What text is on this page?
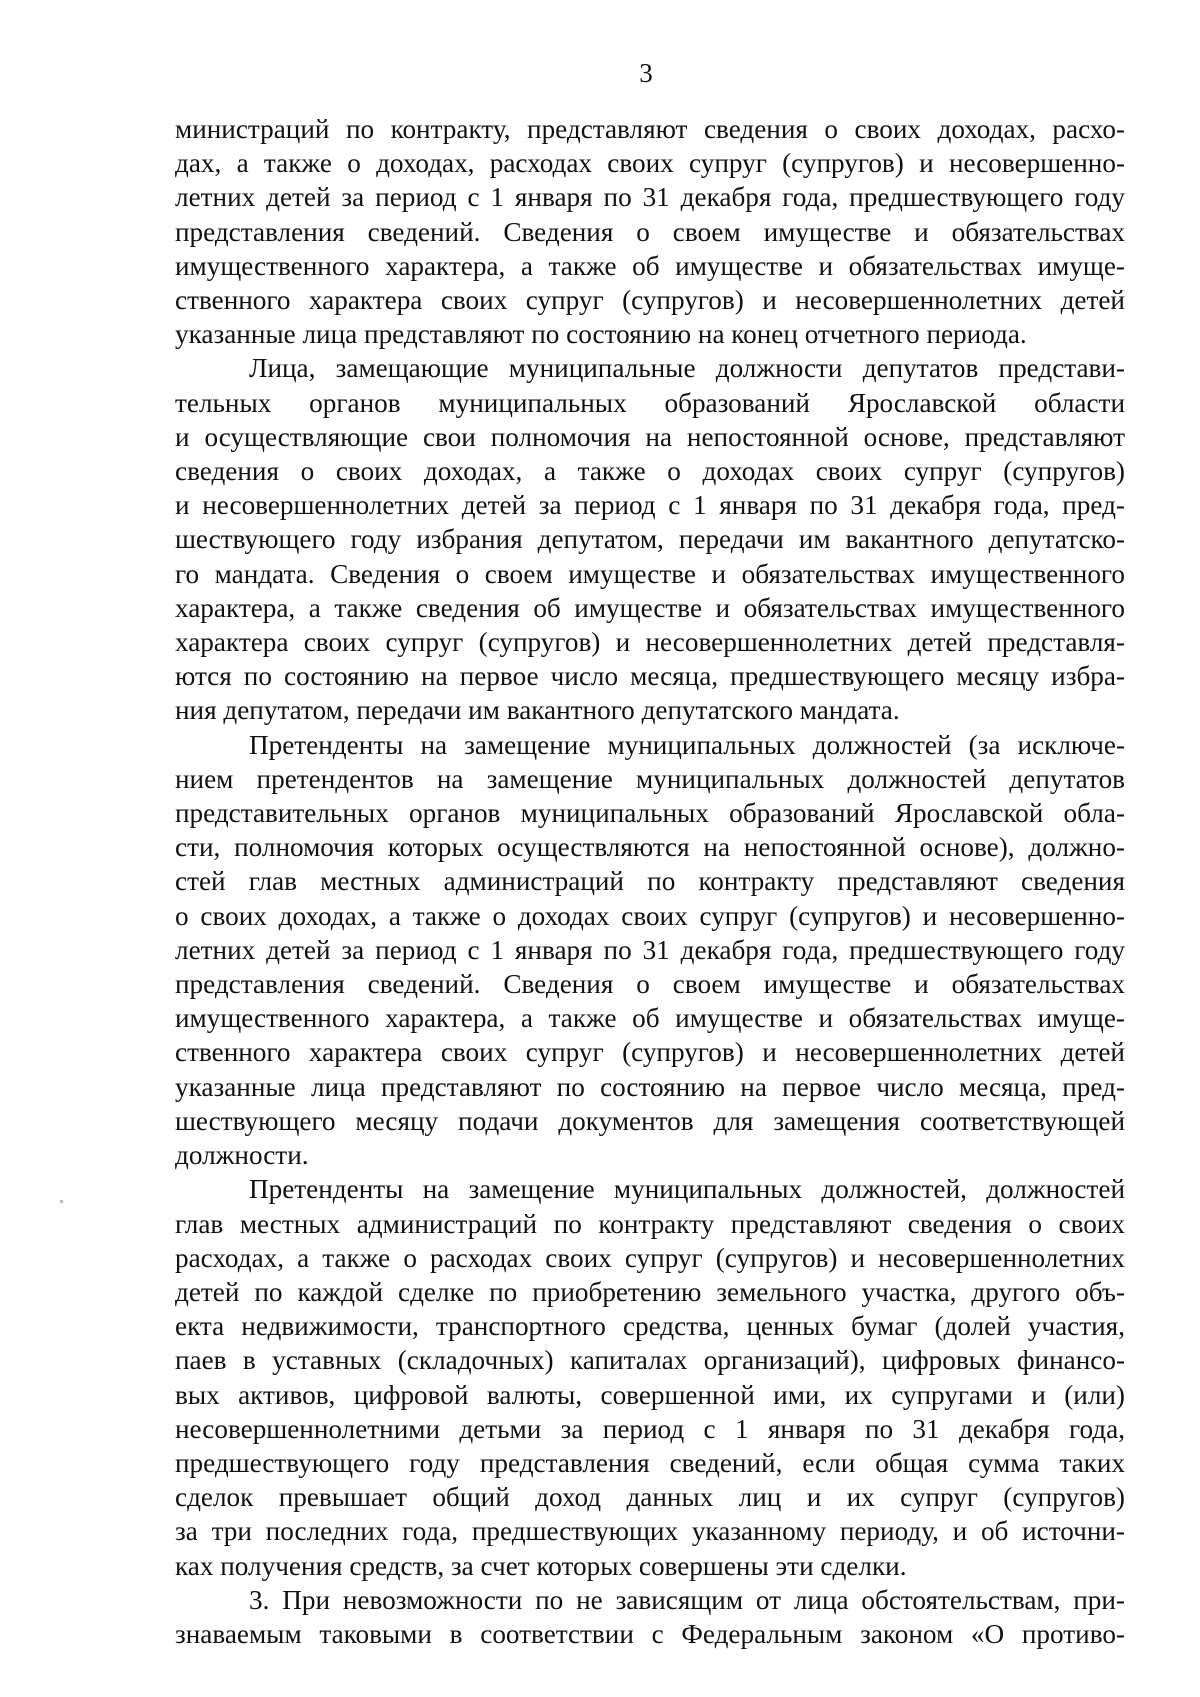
3
министраций по контракту, представляют сведения о своих доходах, расхо-
дах, а также о доходах, расходах своих супруг (супругов) и несовершенно-
летних детей за период с 1 января по 31 декабря года, предшествующего году
представления сведений. Сведения о своем имуществе и обязательствах
имущественного характера, а также об имуществе и обязательствах имуще-
ственного характера своих супруг (супругов) и несовершеннолетних детей
указанные лица представляют по состоянию на конец отчетного периода.
Лица, замещающие муниципальные должности депутатов представи-
тельных органов муниципальных образований Ярославской области
и осуществляющие свои полномочия на непостоянной основе, представляют
сведения о своих доходах, а также о доходах своих супруг (супругов)
и несовершеннолетних детей за период с 1 января по 31 декабря года, пред-
шествующего году избрания депутатом, передачи им вакантного депутатско-
го мандата. Сведения о своем имуществе и обязательствах имущественного
характера, а также сведения об имуществе и обязательствах имущественного
характера своих супруг (супругов) и несовершеннолетних детей представля-
ются по состоянию на первое число месяца, предшествующего месяцу избра-
ния депутатом, передачи им вакантного депутатского мандата.
Претенденты на замещение муниципальных должностей (за исключе-
нием претендентов на замещение муниципальных должностей депутатов
представительных органов муниципальных образований Ярославской обла-
сти, полномочия которых осуществляются на непостоянной основе), должно-
стей глав местных администраций по контракту представляют сведения
о своих доходах, а также о доходах своих супруг (супругов) и несовершенно-
летних детей за период с 1 января по 31 декабря года, предшествующего году
представления сведений. Сведения о своем имуществе и обязательствах
имущественного характера, а также об имуществе и обязательствах имуще-
ственного характера своих супруг (супругов) и несовершеннолетних детей
указанные лица представляют по состоянию на первое число месяца, пред-
шествующего месяцу подачи документов для замещения соответствующей
должности.
Претенденты на замещение муниципальных должностей, должностей
глав местных администраций по контракту представляют сведения о своих
расходах, а также о расходах своих супруг (супругов) и несовершеннолетних
детей по каждой сделке по приобретению земельного участка, другого объ-
екта недвижимости, транспортного средства, ценных бумаг (долей участия,
паев в уставных (складочных) капиталах организаций), цифровых финансо-
вых активов, цифровой валюты, совершенной ими, их супругами и (или)
несовершеннолетними детьми за период с 1 января по 31 декабря года,
предшествующего году представления сведений, если общая сумма таких
сделок превышает общий доход данных лиц и их супруг (супругов)
за три последних года, предшествующих указанному периоду, и об источни-
ках получения средств, за счет которых совершены эти сделки.
3. При невозможности по не зависящим от лица обстоятельствам, при-
знаваемым таковыми в соответствии с Федеральным законом «О противо-
